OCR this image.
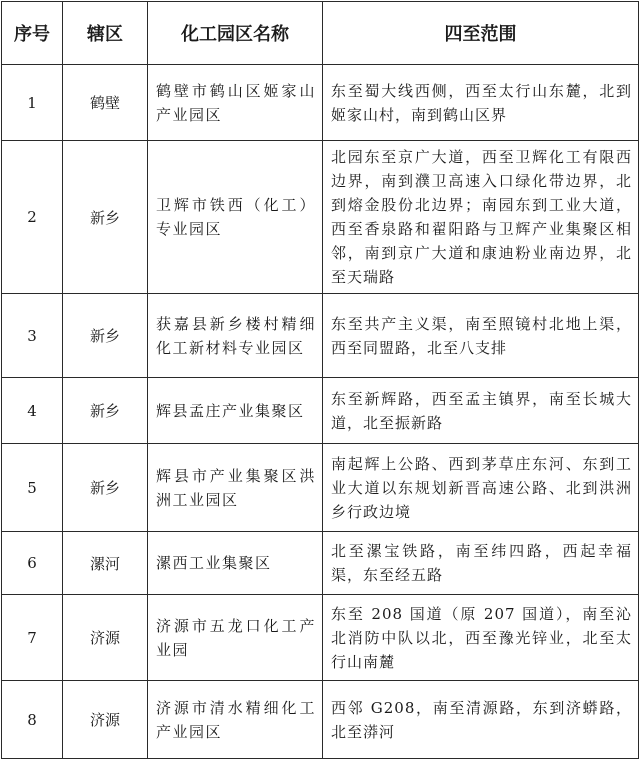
序号	辖区	化工园区名称	四至范围
1	鹤壁	鹤壁市鹤山区姬家山产业园区	东至蜀大线西侧，西至太行山东麓，北到姬家山村，南到鹤山区界
2	新乡	卫辉市铁西（化工）专业园区	北园东至京广大道，西至卫辉化工有限西边界，南到濮卫高速入口绿化带边界，北到熔金股份北边界；南园东到工业大道，西至香泉路和翟阳路与卫辉产业集聚区相邻，南到京广大道和康迪粉业南边界，北至天瑞路
3	新乡	获嘉县新乡楼村精细化工新材料专业园区	东至共产主义渠，南至照镜村北地上渠，西至同盟路，北至八支排
4	新乡	辉县孟庄产业集聚区	东至新辉路，西至孟主镇界，南至长城大道，北至振新路
5	新乡	辉县市产业集聚区洪洲工业园区	南起辉上公路、西到茅草庄东河、东到工业大道以东规划新晋高速公路、北到洪洲乡行政边境
6	漯河	漯西工业集聚区	北至漯宝铁路，南至纬四路，西起幸福渠，东至经五路
7	济源	济源市五龙口化工产业园	东至 208 国道（原 207 国道），南至沁北消防中队以北，西至豫光锌业，北至太行山南麓
8	济源	济源市清水精细化工产业园区	西邻 G208，南至清源路，东到济蟒路，北至漭河
